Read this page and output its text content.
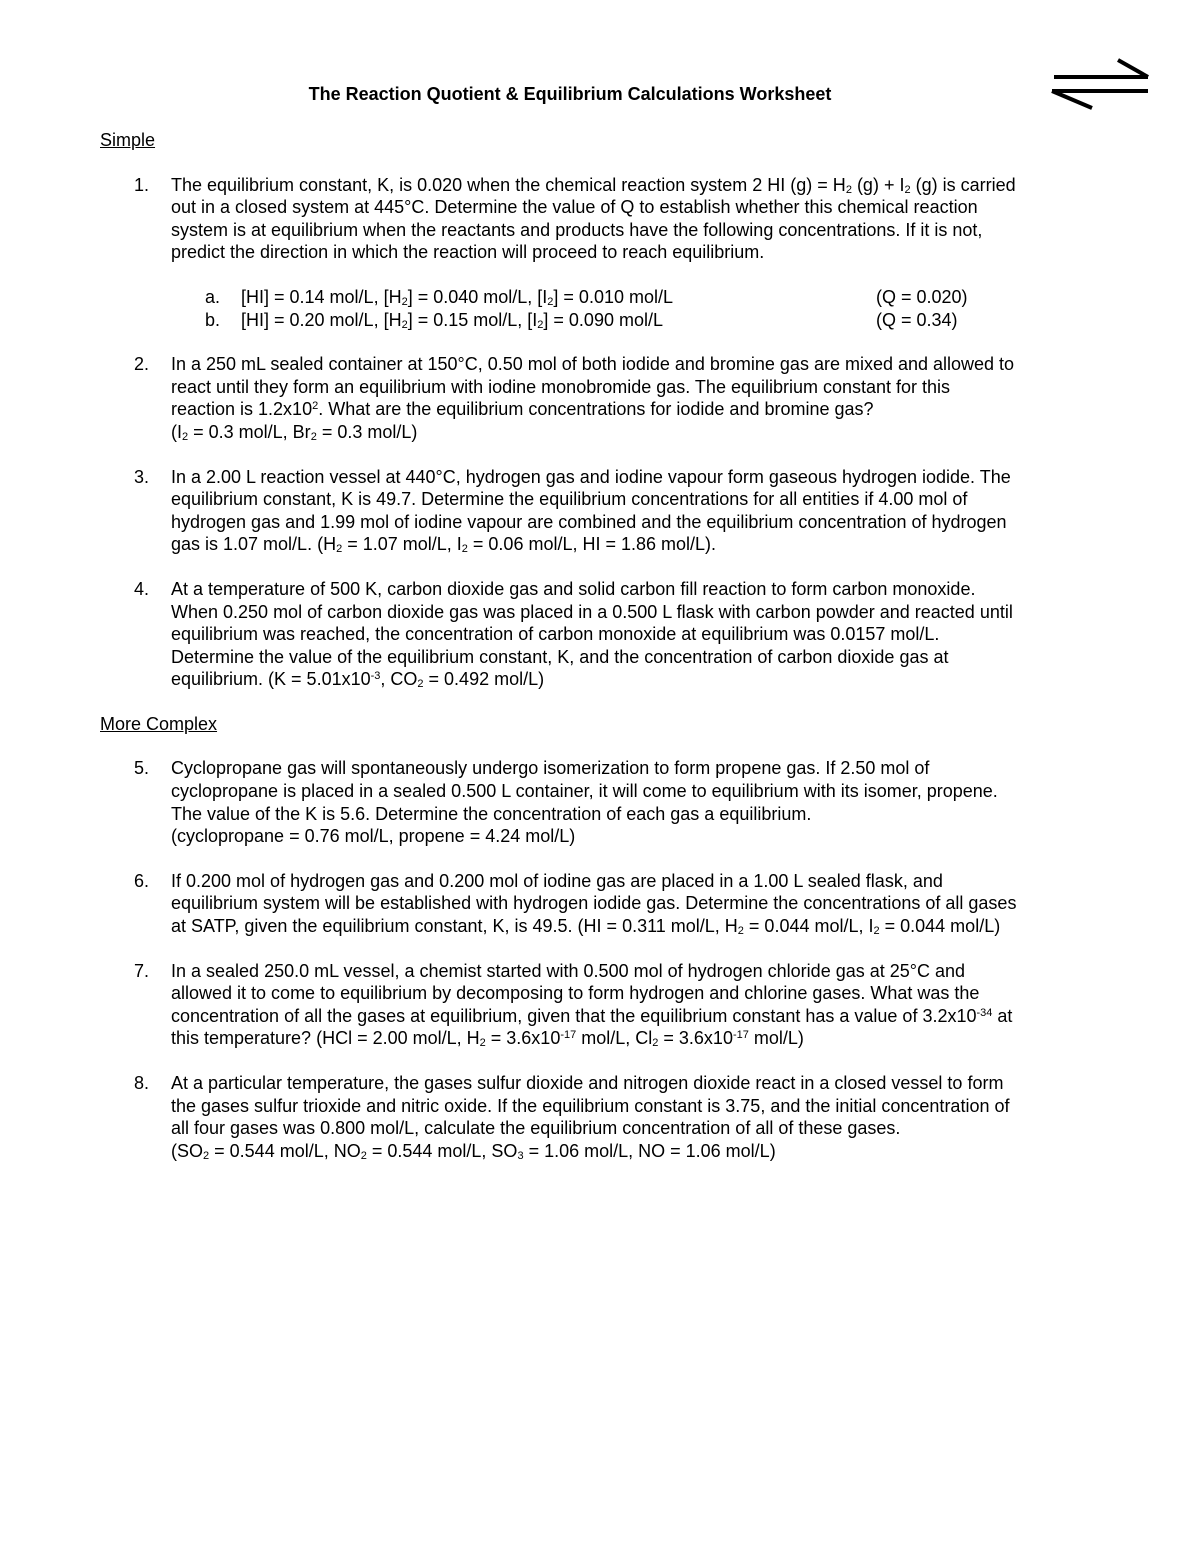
The Reaction Quotient & Equilibrium Calculations Worksheet

Simple

1. The equilibrium constant, K, is 0.020 when the chemical reaction system 2 HI $(g) = H_2$ $(g) + I_2$ (g) is carried

out in a closed system at 445°C. Determine the value of Q to establish whether this chemical reaction

system is at equilibrium when the reactants and products have the following concentrations. If it is not,

predict the direction in which the reaction will proceed to reach equilibrium.

a. [HI] = 0.14 mol/L, $[H_2] = 0.040$ mol/L, $[I_2] = 0.010$ mol/L	(Q = 0.020)
b. [HI] = 0.20 mol/L, $[H_2] = 0.15$ mol/L, $[I_2] = 0.090$ mol/L	(Q = 0.34)
2. In a 250 mL sealed container at 150°C, 0.50 mol of both iodide and bromine gas are mixed and allowed to

react until they form an equilibrium with iodine monobromide gas. The equilibrium constant for this

reaction is $1.2x10^2$. What are the equilibrium concentrations for iodide and bromine gas?

($I_2 = 0.3$ mol/L, $Br_2 = 0.3$ mol/L)

3. In a 2.00 L reaction vessel at 440°C, hydrogen gas and iodine vapour form gaseous hydrogen iodide. The

equilibrium constant, K is 49.7. Determine the equilibrium concentrations for all entities if 4.00 mol of

hydrogen gas and 1.99 mol of iodine vapour are combined and the equilibrium concentration of hydrogen

gas is 1.07 mol/L. ($H_2 = 1.07$ mol/L, $I_2 = 0.06$ mol/L, HI = 1.86 mol/L).

4. At a temperature of 500 K, carbon dioxide gas and solid carbon fill reaction to form carbon monoxide.

When 0.250 mol of carbon dioxide gas was placed in a 0.500 L flask with carbon powder and reacted until

equilibrium was reached, the concentration of carbon monoxide at equilibrium was 0.0157 mol/L.

Determine the value of the equilibrium constant, K, and the concentration of carbon dioxide gas at

equilibrium. ($K = 5.01x10^{-3}$, $CO_2 = 0.492$ mol/L)

More Complex

5. Cyclopropane gas will spontaneously undergo isomerization to form propene gas. If 2.50 mol of

cyclopropane is placed in a sealed 0.500 L container, it will come to equilibrium with its isomer, propene.

The value of the K is 5.6. Determine the concentration of each gas a equilibrium.

(cyclopropane = 0.76 mol/L, propene = 4.24 mol/L)

6. If 0.200 mol of hydrogen gas and 0.200 mol of iodine gas are placed in a 1.00 L sealed flask, and

equilibrium system will be established with hydrogen iodide gas. Determine the concentrations of all gases

at SATP, given the equilibrium constant, K, is 49.5. (HI = 0.311 mol/L, $H_2 = 0.044$ mol/L, $I_2 = 0.044$ mol/L)

7. In a sealed 250.0 mL vessel, a chemist started with 0.500 mol of hydrogen chloride gas at 25°C and

allowed it to come to equilibrium by decomposing to form hydrogen and chlorine gases. What was the

concentration of all the gases at equilibrium, given that the equilibrium constant has a value of $3.2x10^{-34}$ at

this temperature? (HCl = 2.00 mol/L, $H_2 = 3.6x10^{-17}$ mol/L, $Cl_2 = 3.6x10^{-17}$ mol/L)

8. At a particular temperature, the gases sulfur dioxide and nitrogen dioxide react in a closed vessel to form

the gases sulfur trioxide and nitric oxide. If the equilibrium constant is 3.75, and the initial concentration of

all four gases was 0.800 mol/L, calculate the equilibrium concentration of all of these gases.

($SO_2 = 0.544$ mol/L, $NO_2 = 0.544$ mol/L, $SO_3 = 1.06$ mol/L, NO = 1.06 mol/L)
